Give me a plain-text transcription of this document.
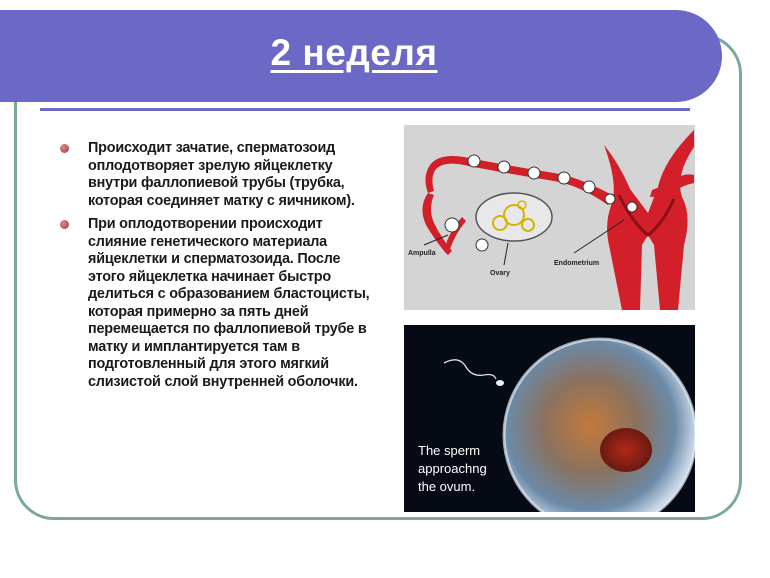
2 неделя
Происходит зачатие, сперматозоид оплодотворяет зрелую яйцеклетку внутри фаллопиевой трубы (трубка, которая соединяет матку с яичником).
При оплодотворении происходит слияние генетического материала яйцеклетки и сперматозоида. После этого яйцеклетка начинает быстро делиться с образованием бластоцисты, которая примерно за пять дней перемещается по фаллопиевой трубе в матку и имплантируется там в подготовленный для этого мягкий слизистой слой внутренней оболочки.
Ampulla
Ovary
Endometrium
The sperm
approachng
the ovum.
